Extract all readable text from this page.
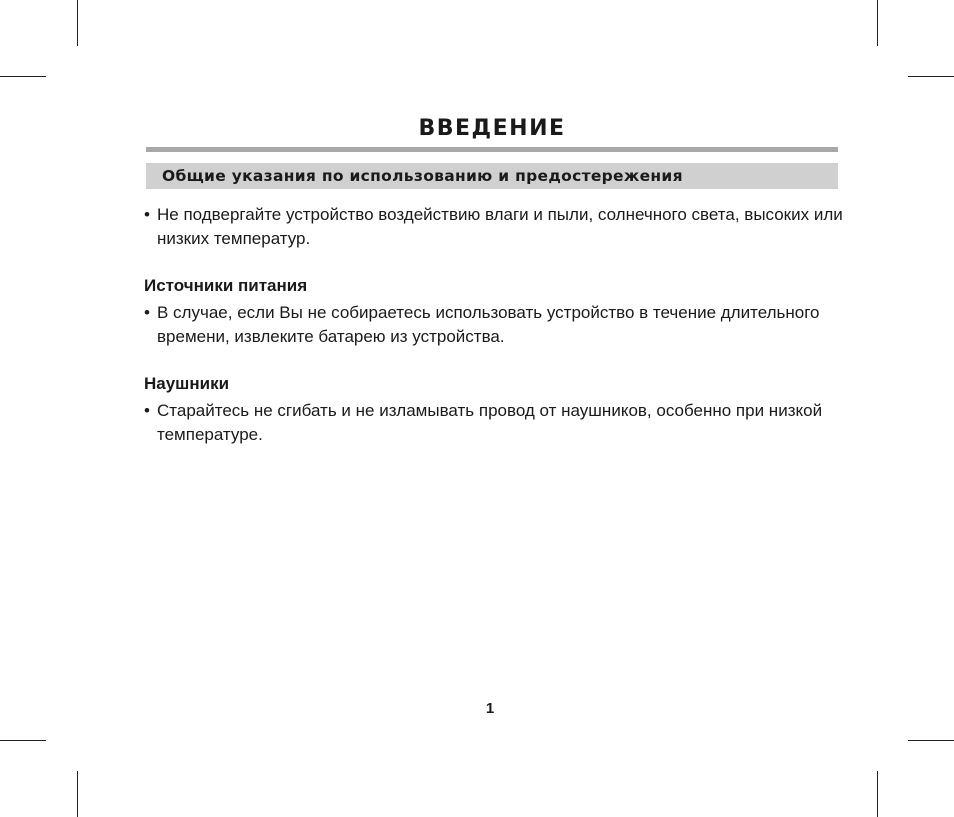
ВВЕДЕНИЕ
Общие указания по использованию и предостережения
• Не подвергайте устройство воздействию влаги и пыли, солнечного света, высоких или низких температур.
Источники питания
• В случае, если Вы не собираетесь использовать устройство в течение длительного времени, извлеките батарею из устройства.
Наушники
• Старайтесь не сгибать и не изламывать провод от наушников, особенно при низкой температуре.
1
